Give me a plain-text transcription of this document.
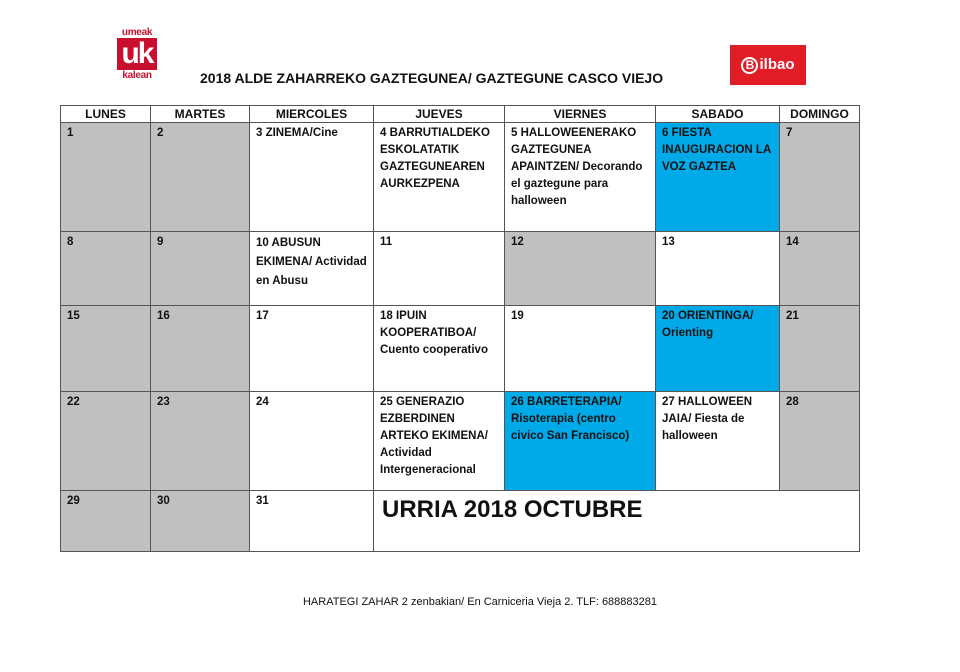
umeak
uk
kalean	2018 ALDE ZAHARREKO GAZTEGUNEA/ GAZTEGUNE CASCO VIEJO
B ilbao
LUNES	MARTES	MIERCOLES	JUEVES	VIERNES	SABADO	DOMINGO

1	2	3 ZINEMA/Cine	4 BARRUTIALDEKO ESKOLATATIK GAZTEGUNEAREN AURKEZPENA	5 HALLOWEENERAKO GAZTEGUNEA APAINTZEN/ Decorando el gaztegune para halloween	6 FIESTA INAUGURACION LA VOZ GAZTEA	7

8	9	10 ABUSUN EKIMENA/ Actividad en Abusu	11	12	13	14

15	16	17	18 IPUIN KOOPERATIBOA/ Cuento cooperativo	19	20 ORIENTINGA/ Orienting	21

22	23	24	25 GENERAZIO EZBERDINEN ARTEKO EKIMENA/ Actividad Intergeneracional	26 BARRETERAPIA/ Risoterapia (centro civico San Francisco)	27 HALLOWEEN JAIA/ Fiesta de halloween	28

29	30	31	URRIA 2018 OCTUBRE			
HARATEGI ZAHAR 2 zenbakian/ En Carniceria Vieja 2. TLF: 688883281
